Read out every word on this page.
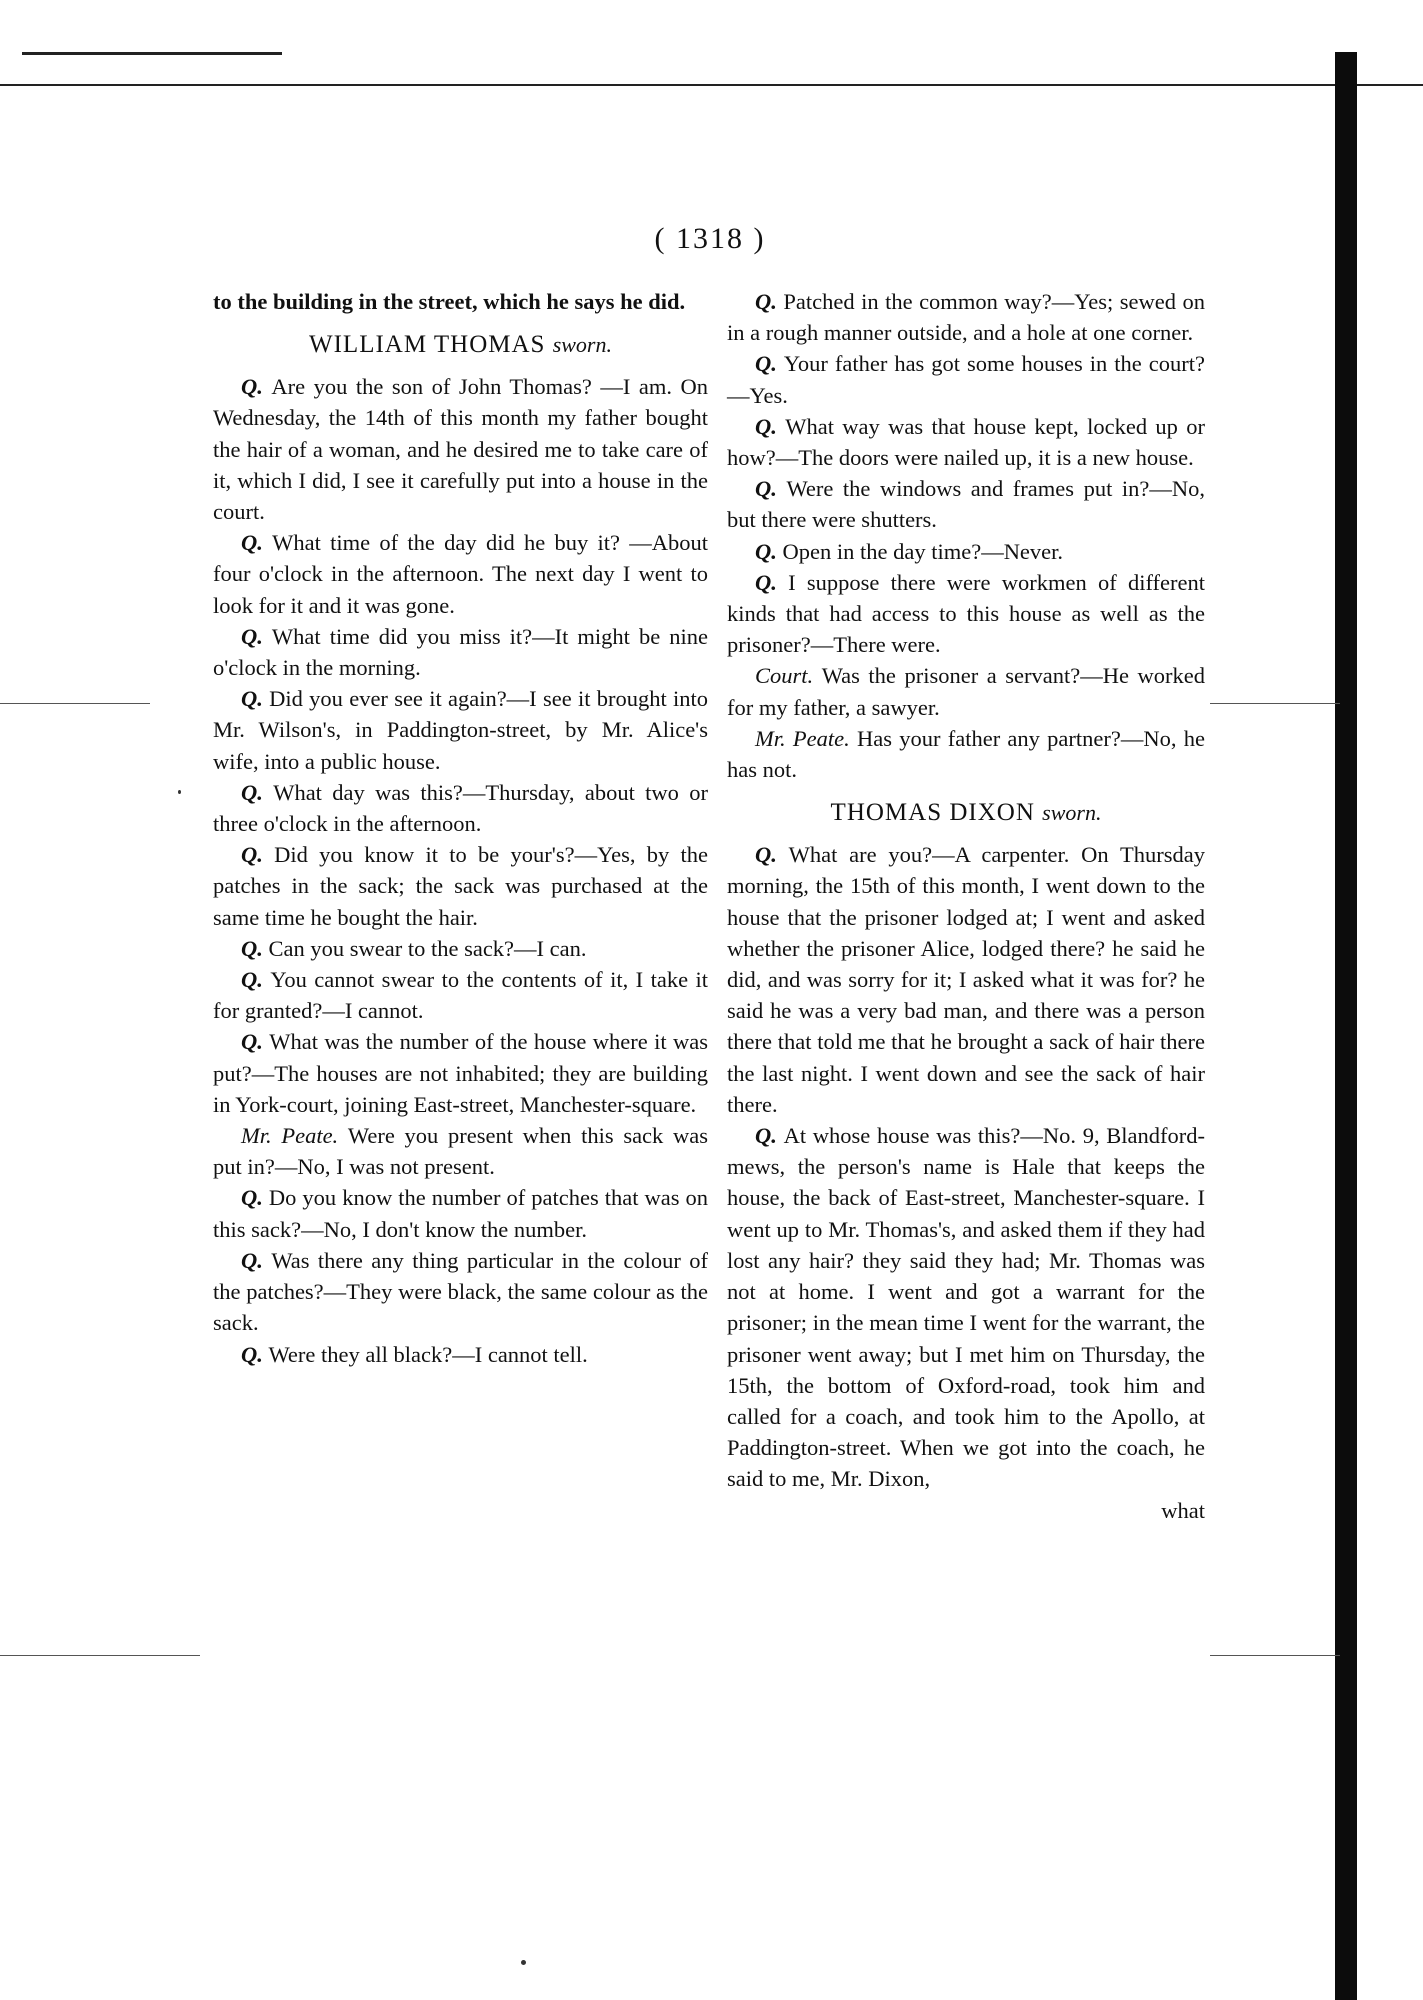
( 1318 )

to the building in the street, which he says he did.

WILLIAM THOMAS sworn.

Q. Are you the son of John Thomas? —I am. On Wednesday, the 14th of this month my father bought the hair of a woman, and he desired me to take care of it, which I did, I see it carefully put into a house in the court.

Q. What time of the day did he buy it? —About four o'clock in the afternoon. The next day I went to look for it and it was gone.

Q. What time did you miss it?—It might be nine o'clock in the morning.

Q. Did you ever see it again?—I see it brought into Mr. Wilson's, in Paddington-street, by Mr. Alice's wife, into a public house.

Q. What day was this?—Thursday, about two or three o'clock in the afternoon.

Q. Did you know it to be your's?—Yes, by the patches in the sack; the sack was purchased at the same time he bought the hair.

Q. Can you swear to the sack?—I can.

Q. You cannot swear to the contents of it, I take it for granted?—I cannot.

Q. What was the number of the house where it was put?—The houses are not inhabited; they are building in York-court, joining East-street, Manchester-square.

Mr. Peate. Were you present when this sack was put in?—No, I was not present.

Q. Do you know the number of patches that was on this sack?—No, I don't know the number.

Q. Was there any thing particular in the colour of the patches?—They were black, the same colour as the sack.

Q. Were they all black?—I cannot tell.

Q. Patched in the common way?—Yes; sewed on in a rough manner outside, and a hole at one corner.

Q. Your father has got some houses in the court?—Yes.

Q. What way was that house kept, locked up or how?—The doors were nailed up, it is a new house.

Q. Were the windows and frames put in?—No, but there were shutters.

Q. Open in the day time?—Never.

Q. I suppose there were workmen of different kinds that had access to this house as well as the prisoner?—There were.

Court. Was the prisoner a servant?—He worked for my father, a sawyer.

Mr. Peate. Has your father any partner?—No, he has not.

THOMAS DIXON sworn.

Q. What are you?—A carpenter. On Thursday morning, the 15th of this month, I went down to the house that the prisoner lodged at; I went and asked whether the prisoner Alice, lodged there? he said he did, and was sorry for it; I asked what it was for? he said he was a very bad man, and there was a person there that told me that he brought a sack of hair there the last night. I went down and see the sack of hair there.

Q. At whose house was this?—No. 9, Blandford-mews, the person's name is Hale that keeps the house, the back of East-street, Manchester-square. I went up to Mr. Thomas's, and asked them if they had lost any hair? they said they had; Mr. Thomas was not at home. I went and got a warrant for the prisoner; in the mean time I went for the warrant, the prisoner went away; but I met him on Thursday, the 15th, the bottom of Oxford-road, took him and called for a coach, and took him to the Apollo, at Paddington-street. When we got into the coach, he said to me, Mr. Dixon,

what
